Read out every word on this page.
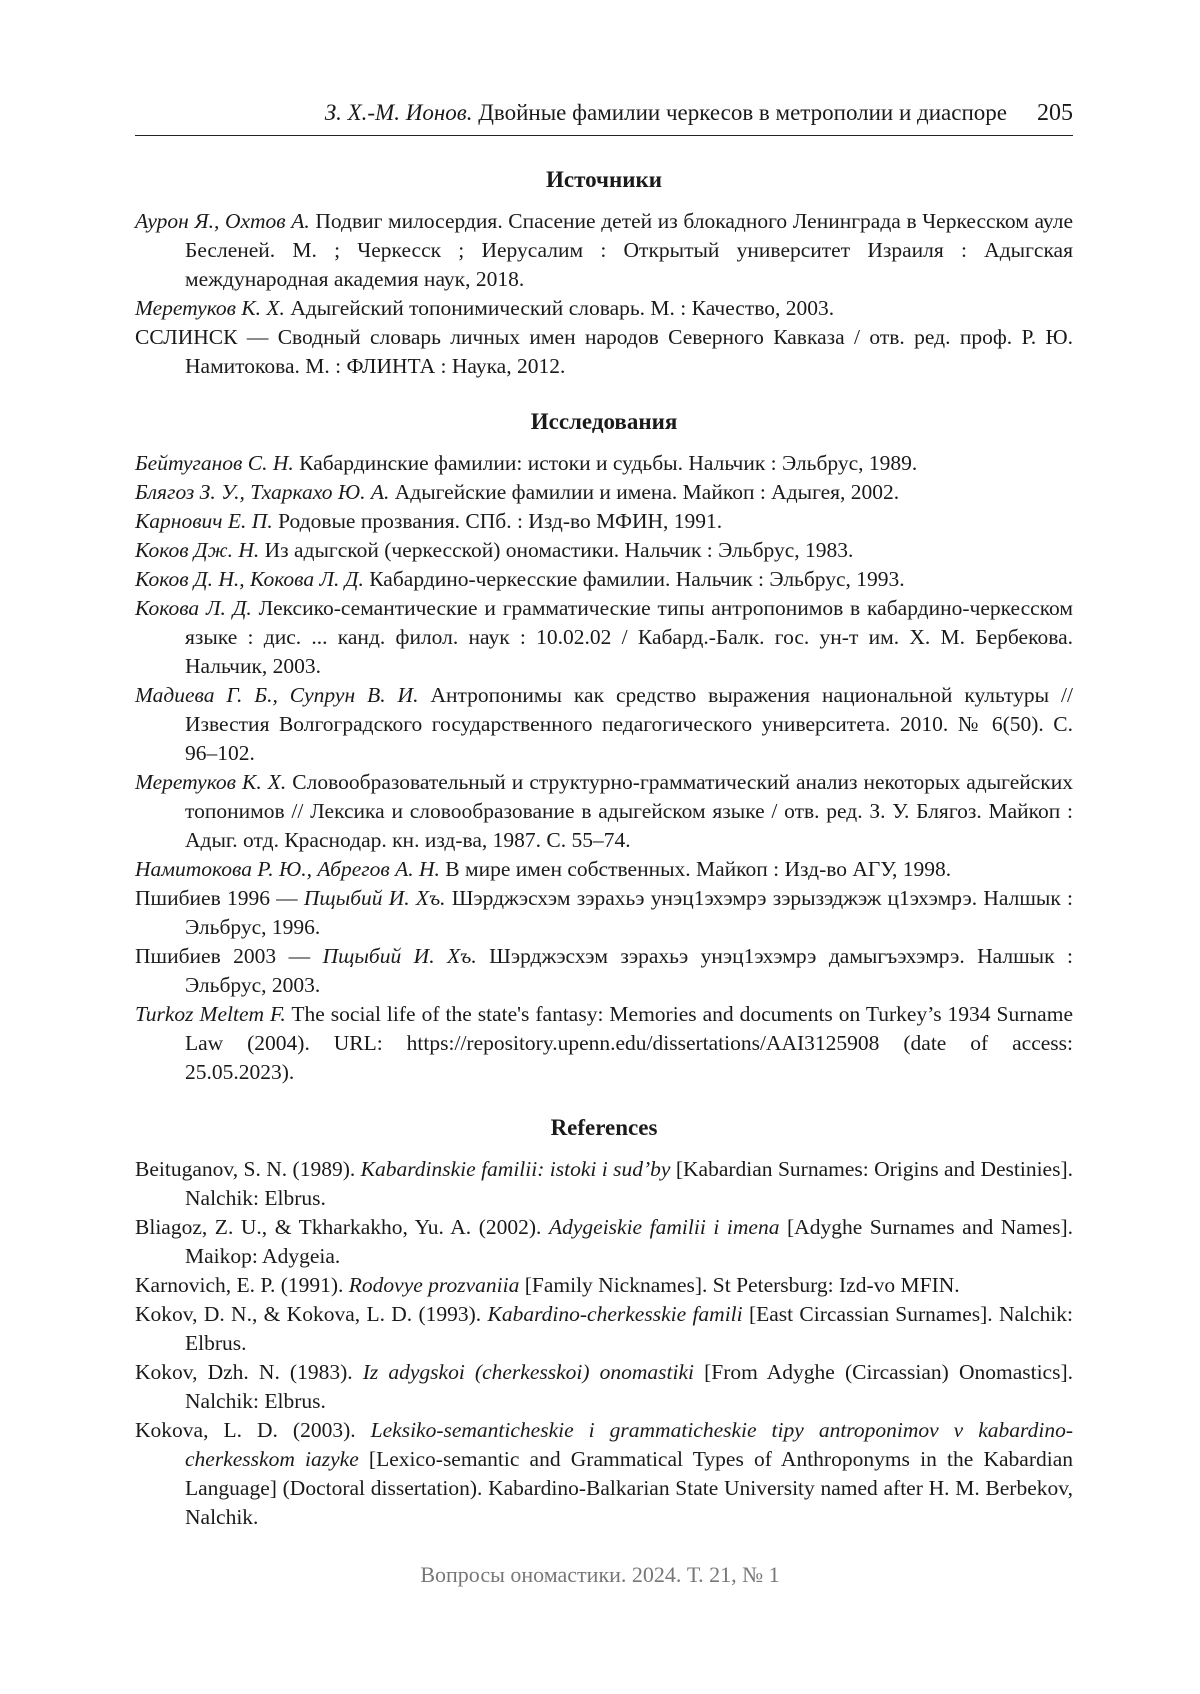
З. Х.-М. Ионов. Двойные фамилии черкесов в метрополии и диаспоре 205
Источники
Аурон Я., Охтов А. Подвиг милосердия. Спасение детей из блокадного Ленинграда в Черкесском ауле Бесленей. М. ; Черкесск ; Иерусалим : Открытый университет Израиля : Адыгская международная академия наук, 2018.
Меретуков К. Х. Адыгейский топонимический словарь. М. : Качество, 2003.
ССЛИНСК — Сводный словарь личных имен народов Северного Кавказа / отв. ред. проф. Р. Ю. Намитокова. М. : ФЛИНТА : Наука, 2012.
Исследования
Бейтуганов С. Н. Кабардинские фамилии: истоки и судьбы. Нальчик : Эльбрус, 1989.
Блягоз З. У., Тхаркахо Ю. А. Адыгейские фамилии и имена. Майкоп : Адыгея, 2002.
Карнович Е. П. Родовые прозвания. СПб. : Изд-во МФИН, 1991.
Коков Дж. Н. Из адыгской (черкесской) ономастики. Нальчик : Эльбрус, 1983.
Коков Д. Н., Кокова Л. Д. Кабардино-черкесские фамилии. Нальчик : Эльбрус, 1993.
Кокова Л. Д. Лексико-семантические и грамматические типы антропонимов в кабардино-черкесском языке : дис. ... канд. филол. наук : 10.02.02 / Кабард.-Балк. гос. ун-т им. Х. М. Бербекова. Нальчик, 2003.
Мадиева Г. Б., Супрун В. И. Антропонимы как средство выражения национальной культуры // Известия Волгоградского государственного педагогического университета. 2010. № 6(50). С. 96–102.
Меретуков К. Х. Словообразовательный и структурно-грамматический анализ некоторых адыгейских топонимов // Лексика и словообразование в адыгейском языке / отв. ред. З. У. Блягоз. Майкоп : Адыг. отд. Краснодар. кн. изд-ва, 1987. С. 55–74.
Намитокова Р. Ю., Абрегов А. Н. В мире имен собственных. Майкоп : Изд-во АГУ, 1998.
Пшибиев 1996 — Пщыбий И. Хъ. Шэрджэсхэм зэрахьэ унэц1эхэмрэ зэрызэджэж ц1эхэмрэ. Налшык : Эльбрус, 1996.
Пшибиев 2003 — Пщыбий И. Хъ. Шэрджэсхэм зэрахьэ унэц1эхэмрэ дамыгъэхэмрэ. Налшык : Эльбрус, 2003.
Turkoz Meltem F. The social life of the state's fantasy: Memories and documents on Turkey’s 1934 Surname Law (2004). URL: https://repository.upenn.edu/dissertations/AAI3125908 (date of access: 25.05.2023).
References
Beituganov, S. N. (1989). Kabardinskie familii: istoki i sud’by [Kabardian Surnames: Origins and Destinies]. Nalchik: Elbrus.
Bliagoz, Z. U., & Tkharkakho, Yu. A. (2002). Adygeiskie familii i imena [Adyghe Surnames and Names]. Maikop: Adygeia.
Karnovich, E. P. (1991). Rodovye prozvaniia [Family Nicknames]. St Petersburg: Izd-vo MFIN.
Kokov, D. N., & Kokova, L. D. (1993). Kabardino-cherkesskie famili [East Circassian Surnames]. Nalchik: Elbrus.
Kokov, Dzh. N. (1983). Iz adygskoi (cherkesskoi) onomastiki [From Adyghe (Circassian) Onomastics]. Nalchik: Elbrus.
Kokova, L. D. (2003). Leksiko-semanticheskie i grammaticheskie tipy antroponimov v kabardino-cherkesskom iazyke [Lexico-semantic and Grammatical Types of Anthroponyms in the Kabardian Language] (Doctoral dissertation). Kabardino-Balkarian State University named after H. M. Berbekov, Nalchik.
Вопросы ономастики. 2024. Т. 21, № 1
